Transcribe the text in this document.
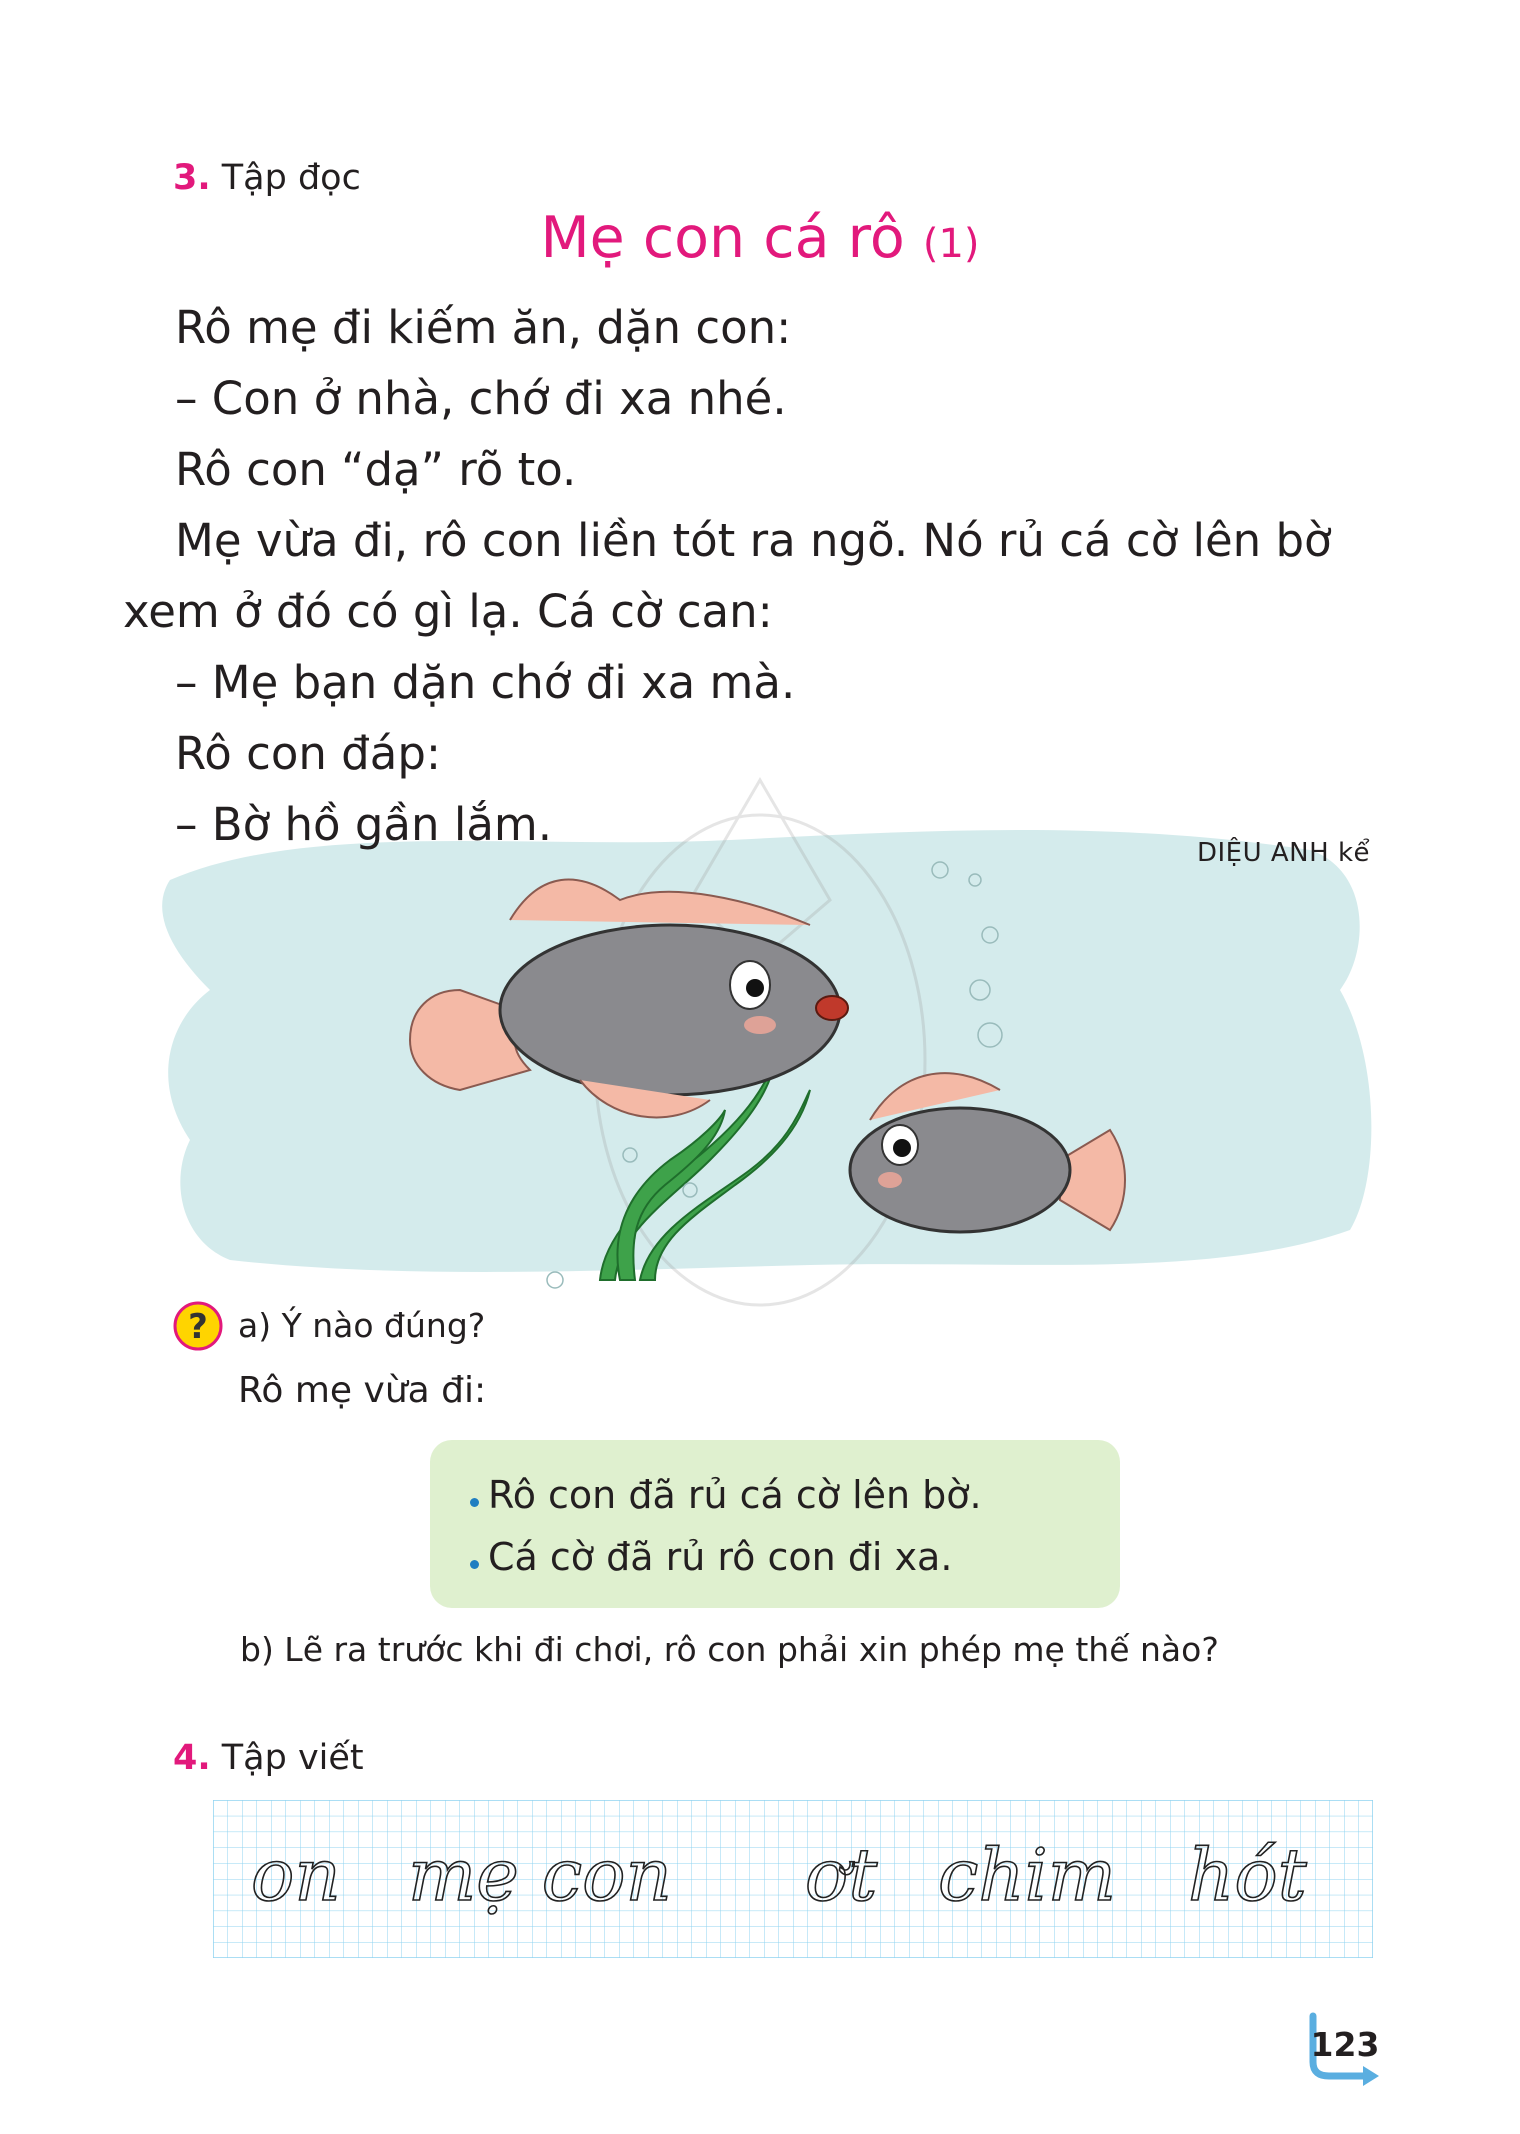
3. Tập đọc
Mẹ con cá rô (1)

Rô mẹ đi kiếm ăn, dặn con:

– Con ở nhà, chớ đi xa nhé.

Rô con “dạ” rõ to.

Mẹ vừa đi, rô con liền tót ra ngõ. Nó rủ cá cờ lên bờ

xem ở đó có gì lạ. Cá cờ can:

– Mẹ bạn dặn chớ đi xa mà.

Rô con đáp:

– Bờ hồ gần lắm.

DIỆU ANH kể
? a) Ý nào đúng?
Rô mẹ vừa đi:
Rô con đã rủ cá cờ lên bờ.
Cá cờ đã rủ rô con đi xa.
b) Lẽ ra trước khi đi chơi, rô con phải xin phép mẹ thế nào?
4. Tập viết
on mẹ con ơt chim hót
123
